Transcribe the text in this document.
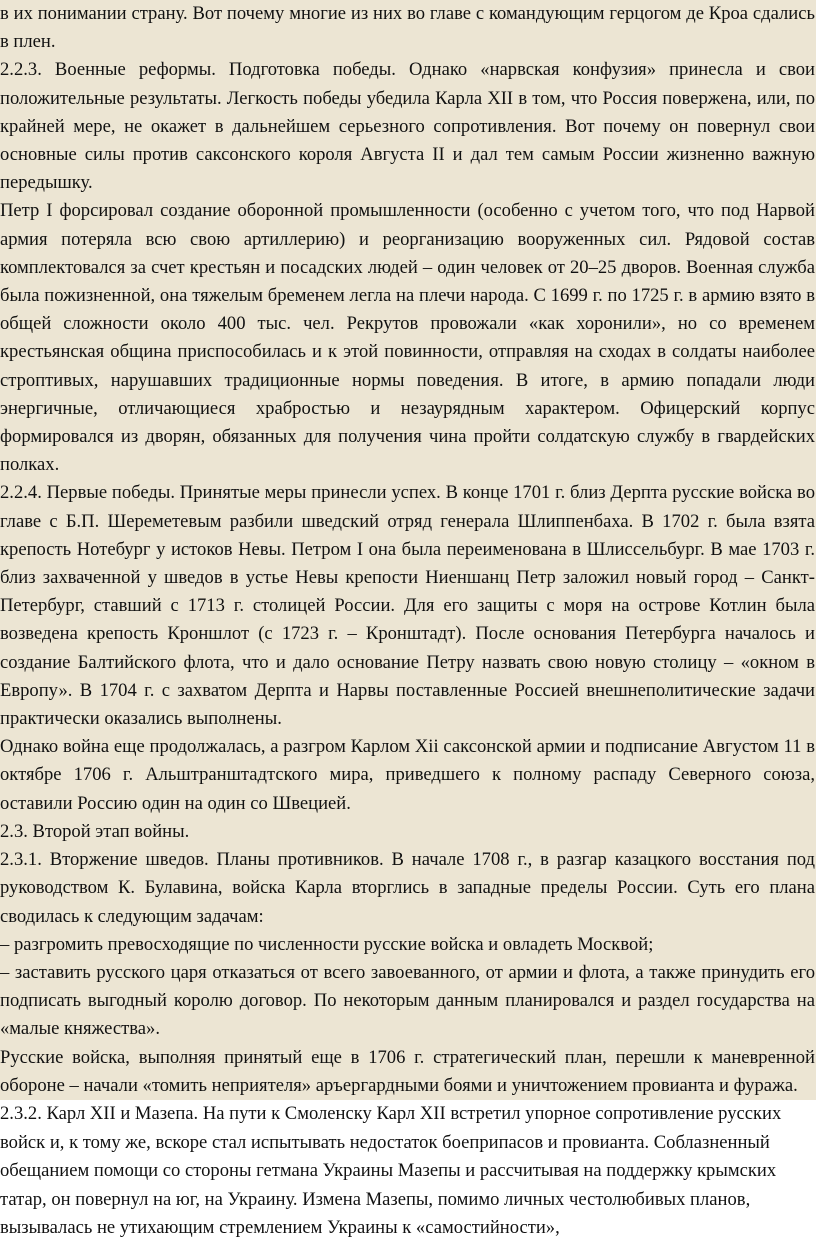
в их понимании страну. Вот почему многие из них во главе с командующим герцогом де Кроа сдались в плен.

2.2.3. Военные реформы. Подготовка победы. Однако «нарвская конфузия» принесла и свои положительные результаты. Легкость победы убедила Карла XII в том, что Россия повержена, или, по крайней мере, не окажет в дальнейшем серьезного сопротивления. Вот почему он повернул свои основные силы против саксонского короля Августа II и дал тем самым России жизненно важную передышку.

Петр I форсировал создание оборонной промышленности (особенно с учетом того, что под Нарвой армия потеряла всю свою артиллерию) и реорганизацию вооруженных сил. Рядовой состав комплектовался за счет крестьян и посадских людей – один человек от 20–25 дворов. Военная служба была пожизненной, она тяжелым бременем легла на плечи народа. С 1699 г. по 1725 г. в армию взято в общей сложности около 400 тыс. чел. Рекрутов провожали «как хоронили», но со временем крестьянская община приспособилась и к этой повинности, отправляя на сходах в солдаты наиболее строптивых, нарушавших традиционные нормы поведения. В итоге, в армию попадали люди энергичные, отличающиеся храбростью и незаурядным характером. Офицерский корпус формировался из дворян, обязанных для получения чина пройти солдатскую службу в гвардейских полках.

2.2.4. Первые победы. Принятые меры принесли успех. В конце 1701 г. близ Дерпта русские войска во главе с Б.П. Шереметевым разбили шведский отряд генерала Шлиппенбаха. В 1702 г. была взята крепость Нотебург у истоков Невы. Петром I она была переименована в Шлиссельбург. В мае 1703 г. близ захваченной у шведов в устье Невы крепости Ниеншанц Петр заложил новый город – Санкт-Петербург, ставший с 1713 г. столицей России. Для его защиты с моря на острове Котлин была возведена крепость Кроншлот (с 1723 г. – Кронштадт). После основания Петербурга началось и создание Балтийского флота, что и дало основание Петру назвать свою новую столицу – «окном в Европу». В 1704 г. с захватом Дерпта и Нарвы поставленные Россией внешнеполитические задачи практически оказались выполнены.

Однако война еще продолжалась, а разгром Карлом Xii саксонской армии и подписание Августом 11 в октябре 1706 г. Альштранштадтского мира, приведшего к полному распаду Северного союза, оставили Россию один на один со Швецией.

2.3. Второй этап войны.

2.3.1. Вторжение шведов. Планы противников. В начале 1708 г., в разгар казацкого восстания под руководством К. Булавина, войска Карла вторглись в западные пределы России. Суть его плана сводилась к следующим задачам:

– разгромить превосходящие по численности русские войска и овладеть Москвой;

– заставить русского царя отказаться от всего завоеванного, от армии и флота, а также принудить его подписать выгодный королю договор. По некоторым данным планировался и раздел государства на «малые княжества».

Русские войска, выполняя принятый еще в 1706 г. стратегический план, перешли к маневренной обороне – начали «томить неприятеля» аръергардными боями и уничтожением провианта и фуража.

2.3.2. Карл XII и Мазепа. На пути к Смоленску Карл XII встретил упорное сопротивление русских войск и, к тому же, вскоре стал испытывать недостаток боеприпасов и провианта. Соблазненный обещанием помощи со стороны гетмана Украины Мазепы и рассчитывая на поддержку крымских татар, он повернул на юг, на Украину. Измена Мазепы, помимо личных честолюбивых планов, вызывалась не утихающим стремлением Украины к «самостийности»,
